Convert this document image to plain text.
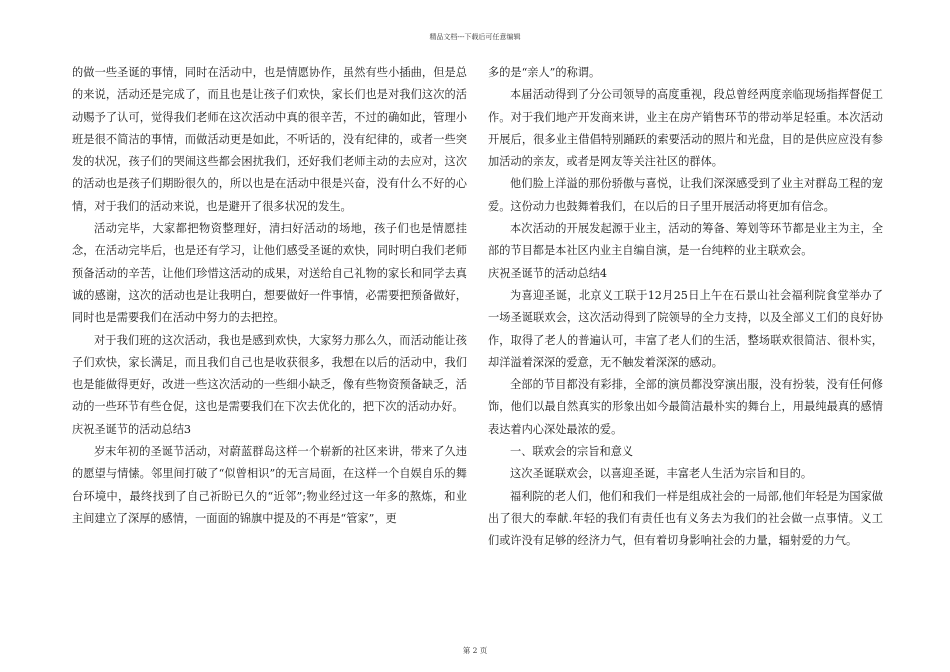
精品文档---下载后可任意编辑

的做一些圣诞的事情，同时在活动中，也是情愿协作，虽然有些小插曲，但是总的来说，活动还是完成了，而且也是让孩子们欢快，家长们也是对我们这次的活动赐予了认可，觉得我们老师在这次活动中真的很辛苦，不过的确如此，管理小班是很不简洁的事情，而做活动更是如此，不听话的，没有纪律的，或者一些突发的状况，孩子们的哭闹这些都会困扰我们，还好我们老师主动的去应对，这次的活动也是孩子们期盼很久的，所以也是在活动中很是兴奋，没有什么不好的心情，对于我们的活动来说，也是避开了很多状况的发生。

活动完毕，大家都把物资整理好，清扫好活动的场地，孩子们也是情愿挂念，在活动完毕后，也是还有学习，让他们感受圣诞的欢快，同时明白我们老师预备活动的辛苦，让他们珍惜这活动的成果，对送给自己礼物的家长和同学去真诚的感谢，这次的活动也是让我明白，想要做好一件事情，必需要把预备做好，同时也是需要我们在活动中努力的去把控。

对于我们班的这次活动，我也是感到欢快，大家努力那么久，而活动能让孩子们欢快，家长满足，而且我们自己也是收获很多，我想在以后的活动中，我们也是能做得更好，改进一些这次活动的一些细小缺乏，像有些物资预备缺乏，活动的一些环节有些仓促，这也是需要我们在下次去优化的，把下次的活动办好。

庆祝圣诞节的活动总结3

岁末年初的圣诞节活动，对蔚蓝群岛这样一个崭新的社区来讲，带来了久违的愿望与情愫。邻里间打破了“似曾相识”的无言局面，在这样一个自娱自乐的舞台环境中，最终找到了自己祈盼已久的“近邻”;物业经过这一年多的熬炼，和业主间建立了深厚的感情，一面面的锦旗中提及的不再是“管家”，更

多的是“亲人”的称谓。

本届活动得到了分公司领导的高度重视，段总曾经两度亲临现场指挥督促工作。对于我们地产开发商来讲，业主在房产销售环节的带动举足轻重。本次活动开展后，很多业主借倡特别踊跃的索要活动的照片和光盘，目的是供应应没有参加活动的亲友，或者是网友等关注社区的群体。

他们脸上洋溢的那份骄傲与喜悦，让我们深深感受到了业主对群岛工程的宠爱。这份动力也鼓舞着我们，在以后的日子里开展活动将更加有信念。

本次活动的开展发起源于业主，活动的筹备、筹划等环节都是业主为主，全部的节目都是本社区内业主自编自演，是一台纯粹的业主联欢会。

庆祝圣诞节的活动总结4

为喜迎圣诞，北京义工联于12月25日上午在石景山社会福利院食堂举办了一场圣诞联欢会，这次活动得到了院领导的全力支持，以及全部义工们的良好协作，取得了老人的普遍认可，丰富了老人们的生活，整场联欢很简洁、很朴实，却洋溢着深深的爱意，无不触发着深深的感动。

全部的节目都没有彩排，全部的演员都没穿演出服，没有扮装，没有任何修饰，他们以最自然真实的形象出如今最简洁最朴实的舞台上，用最纯最真的感情表达着内心深处最浓的爱。

一、联欢会的宗旨和意义

这次圣诞联欢会，以喜迎圣诞，丰富老人生活为宗旨和目的。

福利院的老人们，他们和我们一样是组成社会的一局部,他们年轻是为国家做出了很大的奉献.年轻的我们有责任也有义务去为我们的社会做一点事情。义工们或许没有足够的经济力气，但有着切身影响社会的力量，辐射爱的力气。

第 2 页
